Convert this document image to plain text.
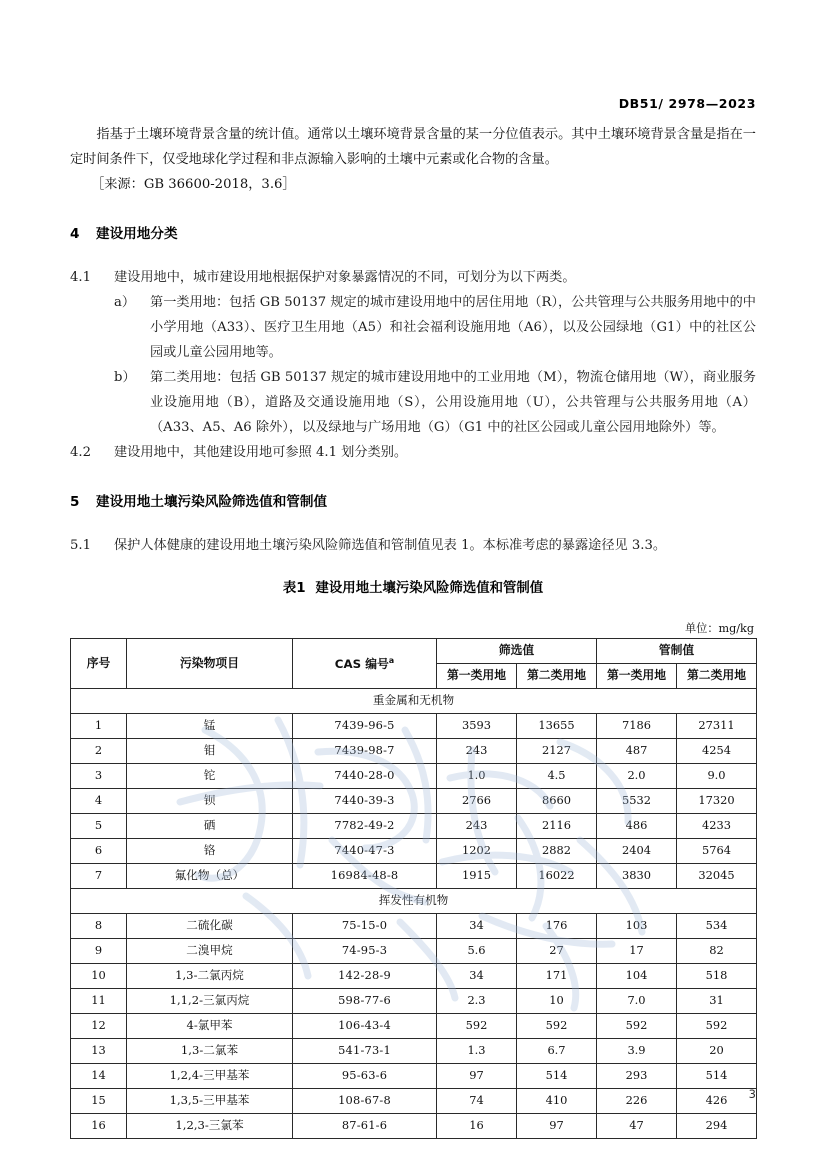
DB51/ 2978—2023

指基于土壤环境背景含量的统计值。通常以土壤环境背景含量的某一分位值表示。其中土壤环境背景含量是指在一定时间条件下，仅受地球化学过程和非点源输入影响的土壤中元素或化合物的含量。

［来源：GB 36600-2018，3.6］
4 建设用地分类
4.1	建设用地中，城市建设用地根据保护对象暴露情况的不同，可划分为以下两类。
a）	第一类用地：包括 GB 50137 规定的城市建设用地中的居住用地（R），公共管理与公共服务用地中的中小学用地（A33）、医疗卫生用地（A5）和社会福利设施用地（A6），以及公园绿地（G1）中的社区公园或儿童公园用地等。
b）	第二类用地：包括 GB 50137 规定的城市建设用地中的工业用地（M），物流仓储用地（W），商业服务业设施用地（B），道路及交通设施用地（S），公用设施用地（U），公共管理与公共服务用地（A）（A33、A5、A6 除外），以及绿地与广场用地（G）（G1 中的社区公园或儿童公园用地除外）等。
4.2	建设用地中，其他建设用地可参照 4.1 划分类别。
5 建设用地土壤污染风险筛选值和管制值
5.1	保护人体健康的建设用地土壤污染风险筛选值和管制值见表 1。本标准考虑的暴露途径见 3.3。
表1 建设用地土壤污染风险筛选值和管制值
单位：mg/kg
序号	污染物项目	CAS 编号$^a$	筛选值		管制值	
			第一类用地	第二类用地	第一类用地	第二类用地
重金属和无机物						
1	锰	7439-96-5	3593	13655	7186	27311
2	钼	7439-98-7	243	2127	487	4254
3	铊	7440-28-0	1.0	4.5	2.0	9.0
4	钡	7440-39-3	2766	8660	5532	17320
5	硒	7782-49-2	243	2116	486	4233
6	铬	7440-47-3	1202	2882	2404	5764
7	氟化物（总）	16984-48-8	1915	16022	3830	32045
挥发性有机物						
8	二硫化碳	75-15-0	34	176	103	534
9	二溴甲烷	74-95-3	5.6	27	17	82
10	1,3-二氯丙烷	142-28-9	34	171	104	518
11	1,1,2-三氯丙烷	598-77-6	2.3	10	7.0	31
12	4-氯甲苯	106-43-4	592	592	592	592
13	1,3-二氯苯	541-73-1	1.3	6.7	3.9	20
14	1,2,4-三甲基苯	95-63-6	97	514	293	514
15	1,3,5-三甲基苯	108-67-8	74	410	226	426
16	1,2,3-三氯苯	87-61-6	16	97	47	294
3
